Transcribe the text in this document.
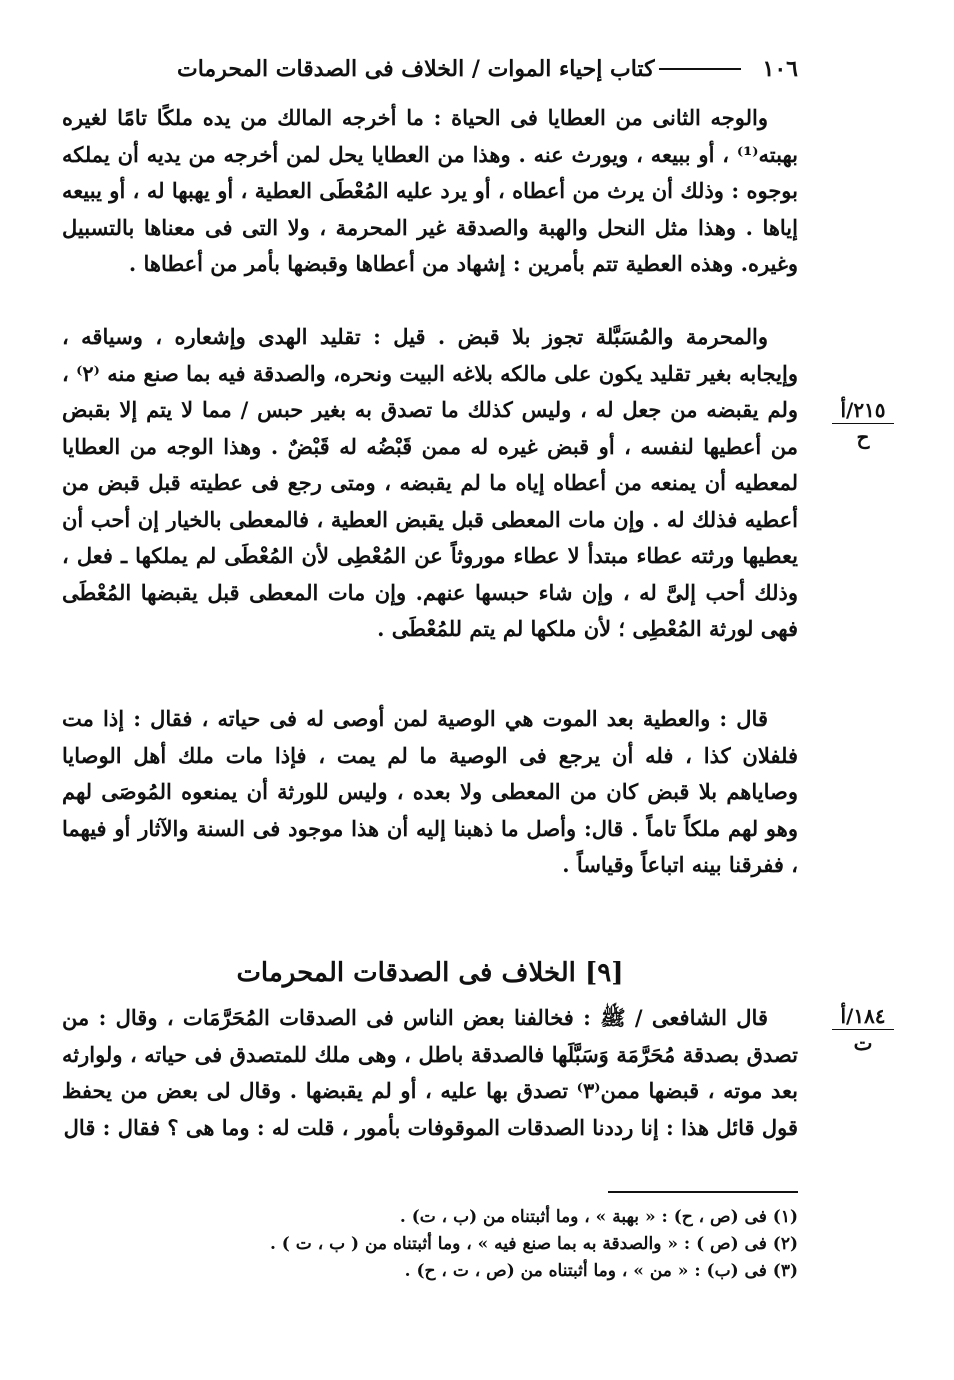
١٠٦
كتاب إحياء الموات / الخلاف فى الصدقات المحرمات
٢١٥/أ
ح
١٨٤/أ
ت

والوجه الثانى من العطايا فى الحياة : ما أخرجه المالك من يده ملكًا تامًا لغيره بهبته⁽¹⁾ ، أو ببيعه ، ويورث عنه . وهذا من العطايا يحل لمن أخرجه من يديه أن يملكه بوجوه : وذلك أن يرث من أعطاه ، أو يرد عليه المُعْطَى العطية ، أو يهبها له ، أو يبيعه إياها . وهذا مثل النحل والهبة والصدقة غير المحرمة ، ولا التى فى معناها بالتسبيل وغيره. وهذه العطية تتم بأمرين : إشهاد من أعطاها وقبضها بأمر من أعطاها .

والمحرمة والمُسَبَّلة تجوز بلا قبض . قيل : تقليد الهدى وإشعاره ، وسياقه ، وإيجابه بغير تقليد يكون على مالكه بلاغه البيت ونحره، والصدقة فيه بما صنع منه ⁽٢⁾ ، ولم يقبضه من جعل له ، وليس كذلك ما تصدق به بغير حبس / مما لا يتم إلا بقبض من أعطيها لنفسه ، أو قبض غيره له ممن قَبْضُه له قَبْضٌ . وهذا الوجه من العطايا لمعطيه أن يمنعه من أعطاه إياه ما لم يقبضه ، ومتى رجع فى عطيته قبل قبض من أعطيه فذلك له . وإن مات المعطى قبل يقبض العطية ، فالمعطى بالخيار إن أحب أن يعطيها ورثته عطاء مبتدأ لا عطاء موروثاً عن المُعْطِى لأن المُعْطَى لم يملكها ـ فعل ، وذلك أحب إلىَّ له ، وإن شاء حبسها عنهم. وإن مات المعطى قبل يقبضها المُعْطَى فهى لورثة المُعْطِى ؛ لأن ملكها لم يتم للمُعْطَى .

قال : والعطية بعد الموت هي الوصية لمن أوصى له فى حياته ، فقال : إذا مت فلفلان كذا ، فله أن يرجع فى الوصية ما لم يمت ، فإذا مات ملك أهل الوصايا وصاياهم بلا قبض كان من المعطى ولا بعده ، وليس للورثة أن يمنعوه المُوصَى لهم وهو لهم ملكاً تاماً . قال: وأصل ما ذهبنا إليه أن هذا موجود فى السنة والآثار أو فيهما ، ففرقنا بينه اتباعاً وقياساً .

[٩] الخلاف فى الصدقات المحرمات

قال الشافعى / ﷺ : فخالفنا بعض الناس فى الصدقات المُحَرَّمَات ، وقال : من تصدق بصدقة مُحَرَّمَة وَسَبَّلَها فالصدقة باطل ، وهى ملك للمتصدق فى حياته ، ولوارثه بعد موته ، قبضها ممن⁽٣⁾ تصدق بها عليه ، أو لم يقبضها . وقال لى بعض من يحفظ قول قائل هذا : إنا رددنا الصدقات الموقوفات بأمور ، قلت له : وما هى ؟ فقال : قال

(١) فى (ص ، ح) : « بهبة » ، وما أثبتناه من (ب ، ت) .
(٢) فى (ص ) : « والصدقة به بما صنع فيه » ، وما أثبتناه من ( ب ، ت ) .
(٣) فى (ب) : « من » ، وما أثبتناه من (ص ، ت ، ح) .
